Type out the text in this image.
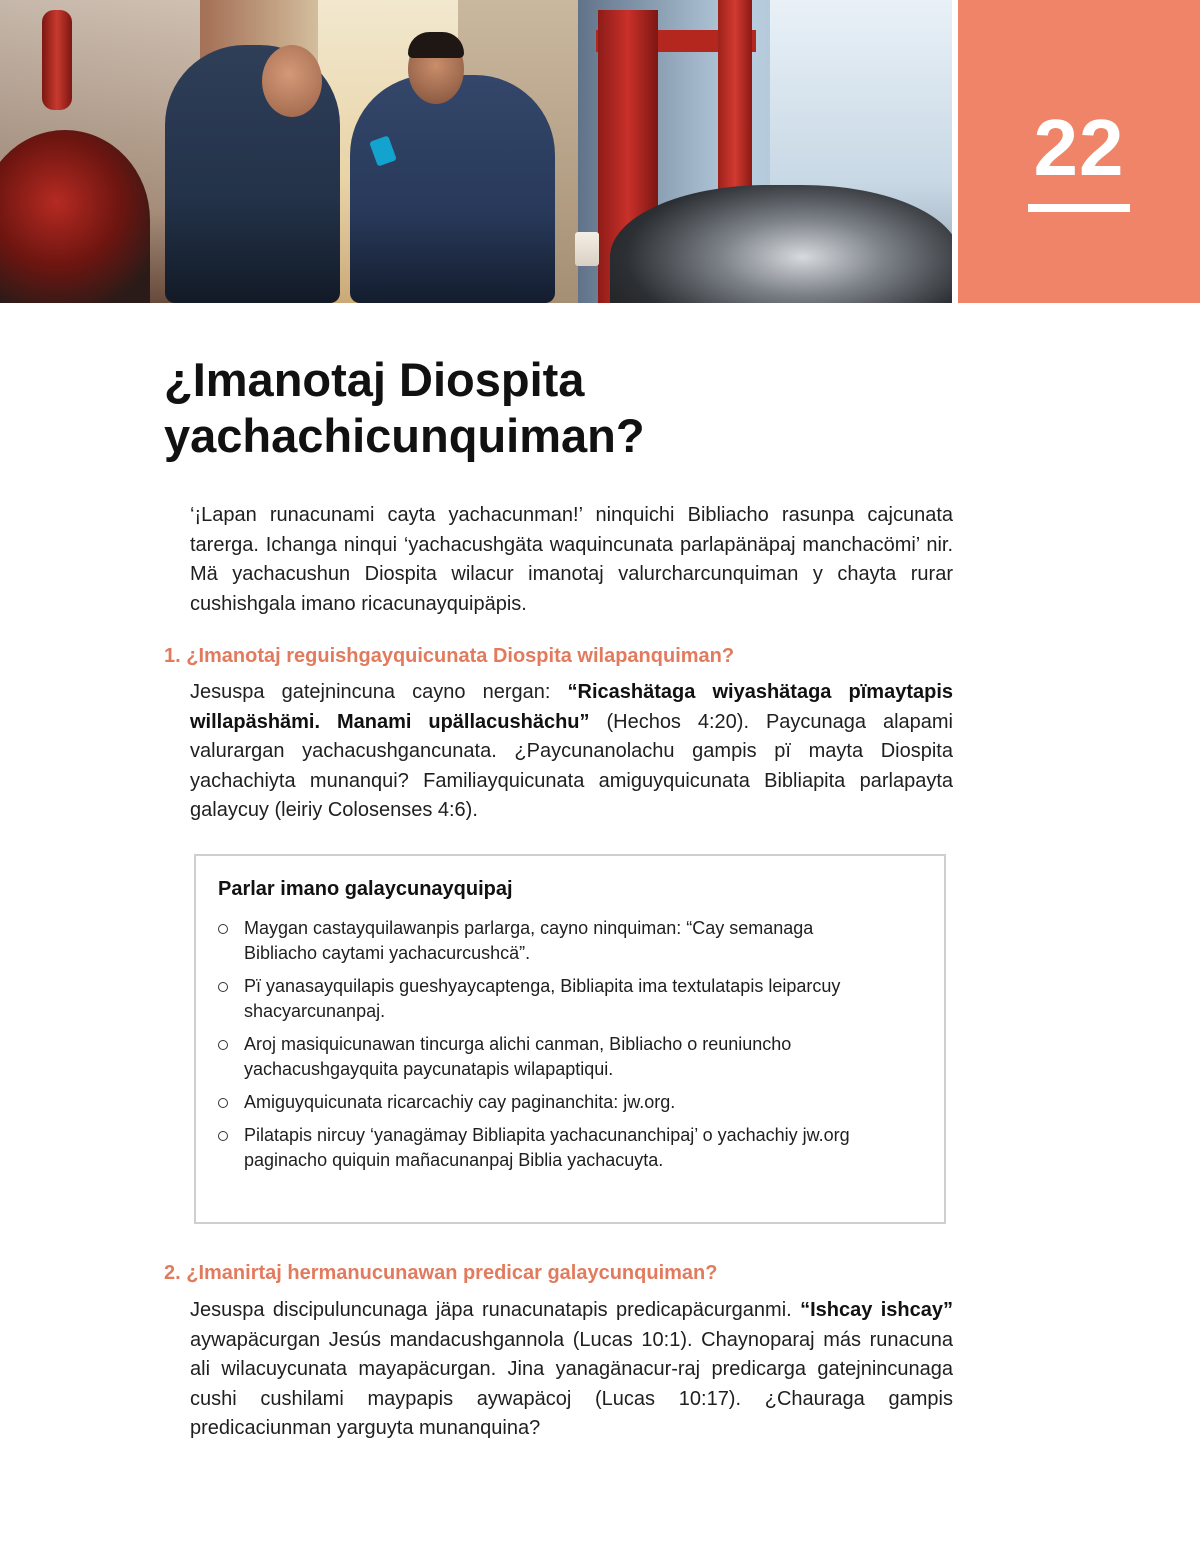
22
¿Imanotaj Diospita yachachicunquiman?

‘¡Lapan runacunami cayta yachacunman!’ ninquichi Bibliacho rasunpa cajcunata tarerga. Ichanga ninqui ‘yachacushgäta waquincunata parlapänäpaj manchacömi’ nir. Mä yachacushun Diospita wilacur imanotaj valurcharcunquiman y chayta rurar cushishgala imano ricacunayquipäpis.

1. ¿Imanotaj reguishgayquicunata Diospita wilapanquiman?

Jesuspa gatejnincuna cayno nergan: “Ricashätaga wiyashätaga pïmaytapis willapäshämi. Manami upällacushächu” (Hechos 4:20). Paycunaga alapami valurargan yachacushgancunata. ¿Paycunanolachu gampis pï mayta Diospita yachachiyta munanqui? Familiayquicunata amiguyquicunata Bibliapita parlapayta galaycuy (leiriy Colosenses 4:6).

Parlar imano galaycunayquipaj
Maygan castayquilawanpis parlarga, cayno ninquiman: “Cay semanaga Bibliacho caytami yachacurcushcä”.
Pï yanasayquilapis gueshyaycaptenga, Bibliapita ima textulatapis leiparcuy shacyarcunanpaj.
Aroj masiquicunawan tincurga alichi canman, Bibliacho o reuniuncho yachacushgayquita paycunatapis wilapaptiqui.
Amiguyquicunata ricarcachiy cay paginanchita: jw.org.
Pilatapis nircuy ‘yanagämay Bibliapita yachacunanchipaj’ o yachachiy jw.org paginacho quiquin mañacunanpaj Biblia yachacuyta.
2. ¿Imanirtaj hermanucunawan predicar galaycunquiman?

Jesuspa discipuluncunaga jäpa runacunatapis predicapäcurganmi. “Ishcay ishcay” aywapäcurgan Jesús mandacushgannola (Lucas 10:1). Chaynoparaj más runacuna ali wilacuycunata mayapäcurgan. Jina yanagänacur-raj predicarga gatejnincunaga cushi cushilami maypapis aywapäcoj (Lucas 10:17). ¿Chauraga gampis predicaciunman yarguyta munanquina?
